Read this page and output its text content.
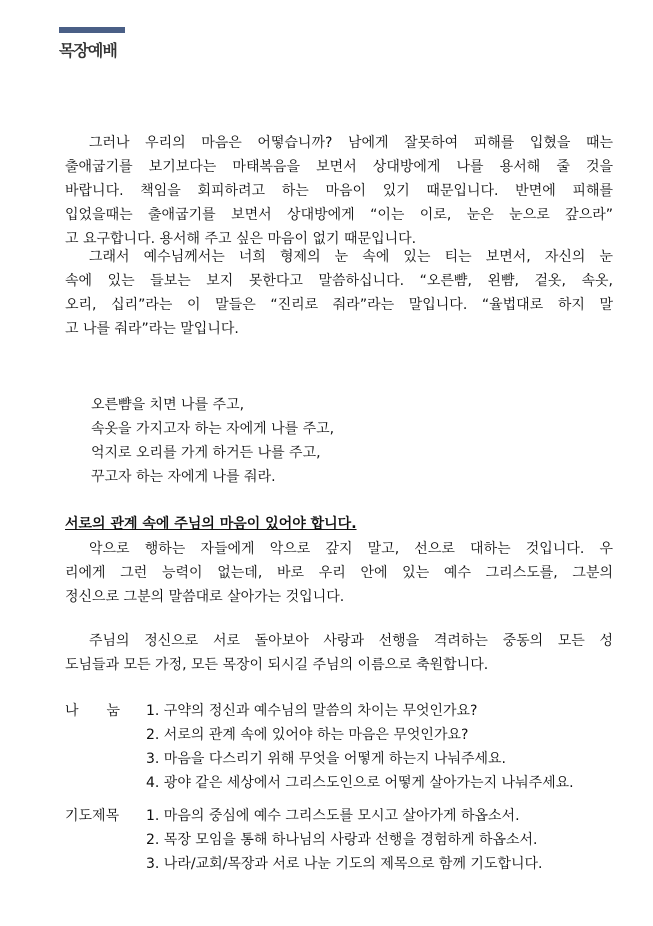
목장예배
그러나 우리의 마음은 어떻습니까? 남에게 잘못하여 피해를 입혔을 때는
출애굽기를 보기보다는 마태복음을 보면서 상대방에게 나를 용서해 줄 것을
바랍니다. 책임을 회피하려고 하는 마음이 있기 때문입니다. 반면에 피해를
입었을때는 출애굽기를 보면서 상대방에게 “이는 이로, 눈은 눈으로 갚으라”
고 요구합니다. 용서해 주고 싶은 마음이 없기 때문입니다.
그래서 예수님께서는 너희 형제의 눈 속에 있는 티는 보면서, 자신의 눈
속에 있는 들보는 보지 못한다고 말씀하십니다. “오른뺨, 왼뺨, 겉옷, 속옷,
오리, 십리”라는 이 말들은 “진리로 줘라”라는 말입니다. “율법대로 하지 말
고 나를 줘라”라는 말입니다.
오른뺨을 치면 나를 주고,
속옷을 가지고자 하는 자에게 나를 주고,
억지로 오리를 가게 하거든 나를 주고,
꾸고자 하는 자에게 나를 줘라.
서로의 관계 속에 주님의 마음이 있어야 합니다.
악으로 행하는 자들에게 악으로 갚지 말고, 선으로 대하는 것입니다. 우
리에게 그런 능력이 없는데, 바로 우리 안에 있는 예수 그리스도를, 그분의
정신으로 그분의 말씀대로 살아가는 것입니다.
주님의 정신으로 서로 돌아보아 사랑과 선행을 격려하는 중동의 모든 성
도님들과 모든 가정, 모든 목장이 되시길 주님의 이름으로 축원합니다.
나 눔 1. 구약의 정신과 예수님의 말씀의 차이는 무엇인가요?
2. 서로의 관계 속에 있어야 하는 마음은 무엇인가요?
3. 마음을 다스리기 위해 무엇을 어떻게 하는지 나눠주세요.
4. 광야 같은 세상에서 그리스도인으로 어떻게 살아가는지 나눠주세요.
기도제목 1. 마음의 중심에 예수 그리스도를 모시고 살아가게 하옵소서.
2. 목장 모임을 통해 하나님의 사랑과 선행을 경험하게 하옵소서.
3. 나라/교회/목장과 서로 나눈 기도의 제목으로 함께 기도합니다.
